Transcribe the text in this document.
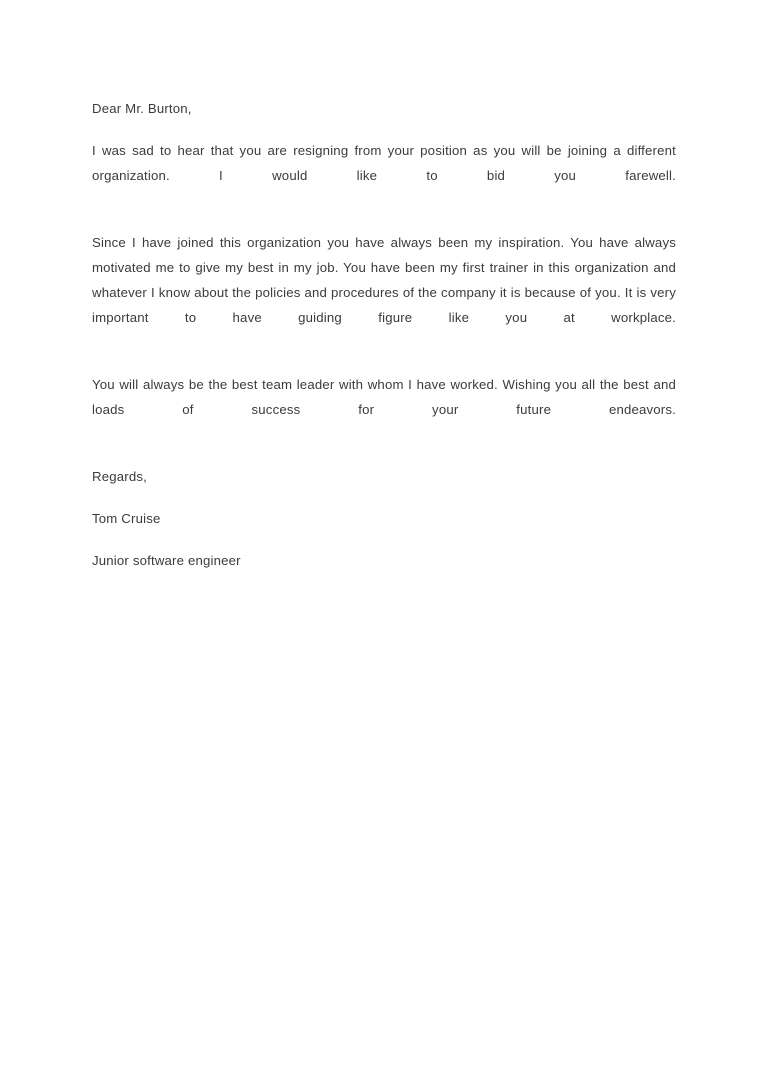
Dear Mr. Burton,

I was sad to hear that you are resigning from your position as you will be joining a different organization. I would like to bid you farewell.

Since I have joined this organization you have always been my inspiration. You have always motivated me to give my best in my job. You have been my first trainer in this organization and whatever I know about the policies and procedures of the company it is because of you. It is very important to have guiding figure like you at workplace.

You will always be the best team leader with whom I have worked. Wishing you all the best and loads of success for your future endeavors.

Regards,

Tom Cruise

Junior software engineer
